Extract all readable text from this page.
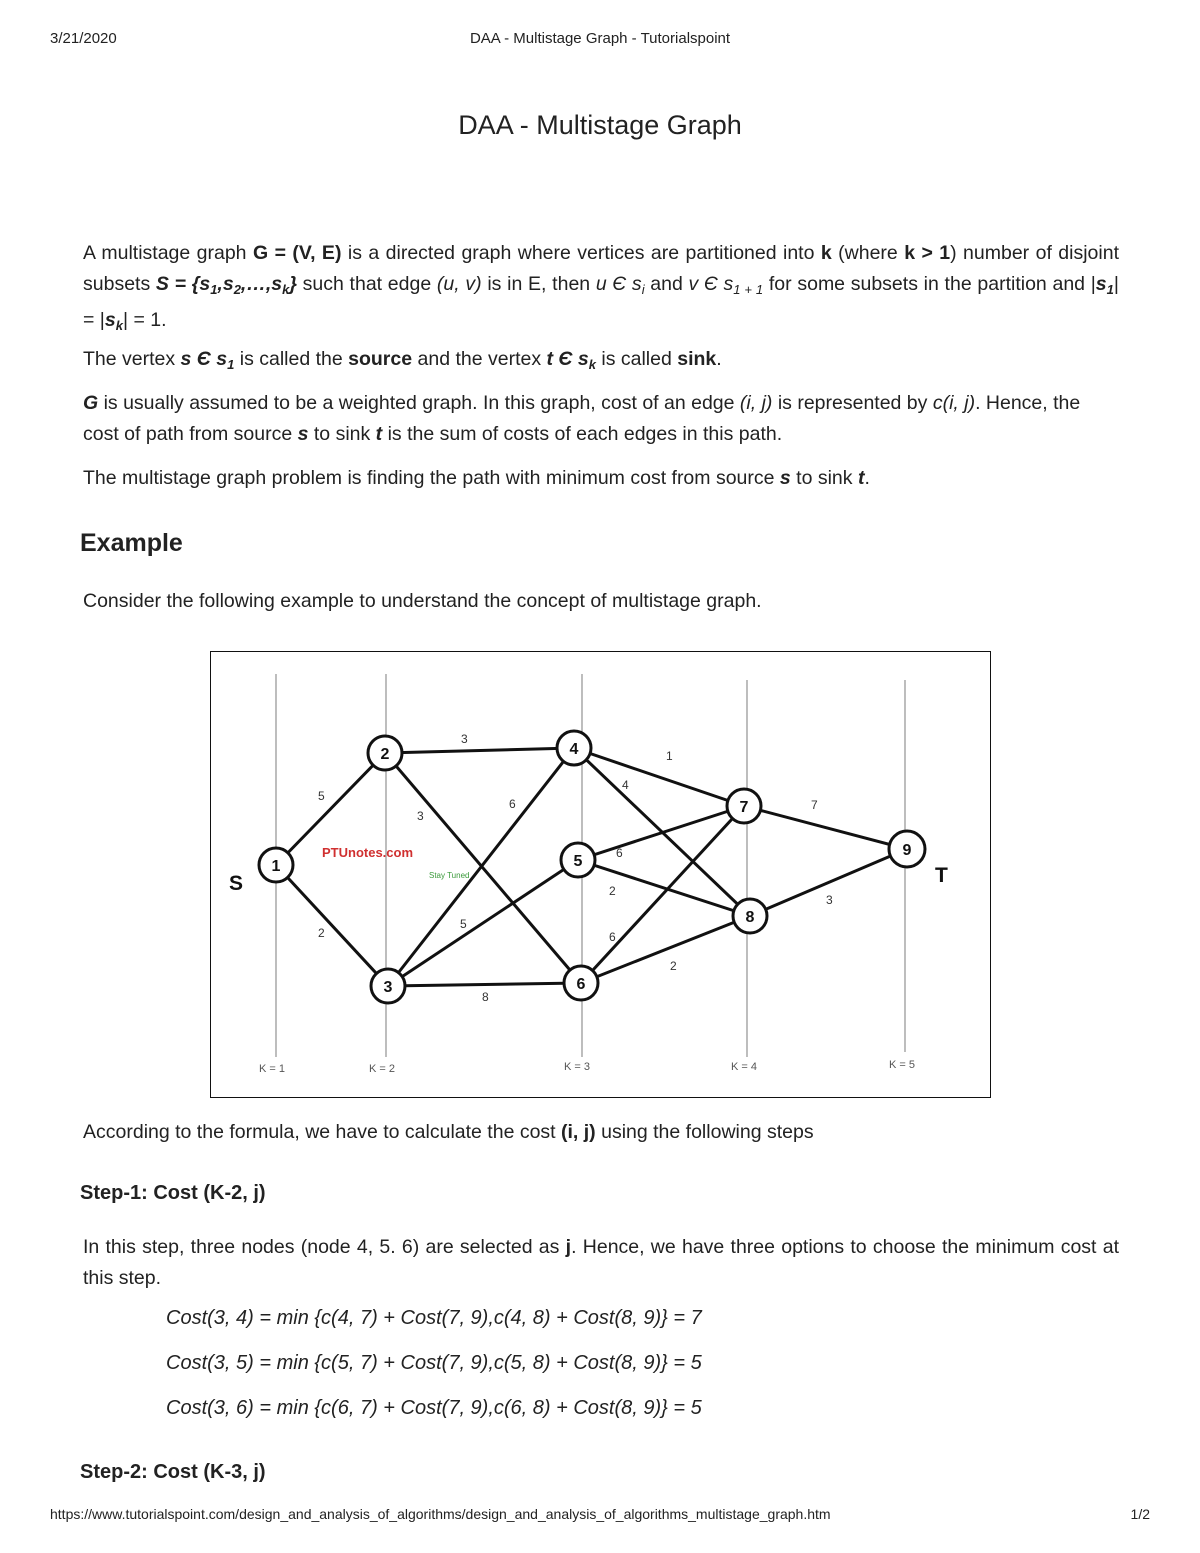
3/21/2020	DAA - Multistage Graph - Tutorialspoint
DAA - Multistage Graph
A multistage graph G = (V, E) is a directed graph where vertices are partitioned into k (where k > 1) number of disjoint subsets $S = \{s_1,s_2,\dots,s_k\}$ such that edge (u, v) is in E, then u Є $s_i$ and v Є $s_{1 + 1}$ for some subsets in the partition and $|s_1| = |s_k| = 1$.
The vertex s Є $s_1$ is called the source and the vertex t Є $s_k$ is called sink.
G is usually assumed to be a weighted graph. In this graph, cost of an edge (i, j) is represented by c(i, j). Hence, the cost of path from source s to sink t is the sum of costs of each edges in this path.
The multistage graph problem is finding the path with minimum cost from source s to sink t.
Example
Consider the following example to understand the concept of multistage graph.
5
2
3
3
6
5
8
1
4
6
2
6
2
7
3
PTUnotes.com
Stay Tuned
S	T
1
2
3
4
5
6
7
8
9
K = 1	K = 2	K = 3	K = 4	K = 5
According to the formula, we have to calculate the cost (i, j) using the following steps
Step-1: Cost (K-2, j)
In this step, three nodes (node 4, 5. 6) are selected as j. Hence, we have three options to choose the minimum cost at this step.
Cost(3, 4) = min {c(4, 7) + Cost(7, 9),c(4, 8) + Cost(8, 9)} = 7
Cost(3, 5) = min {c(5, 7) + Cost(7, 9),c(5, 8) + Cost(8, 9)} = 5
Cost(3, 6) = min {c(6, 7) + Cost(7, 9),c(6, 8) + Cost(8, 9)} = 5
Step-2: Cost (K-3, j)
https://www.tutorialspoint.com/design_and_analysis_of_algorithms/design_and_analysis_of_algorithms_multistage_graph.htm	1/2
